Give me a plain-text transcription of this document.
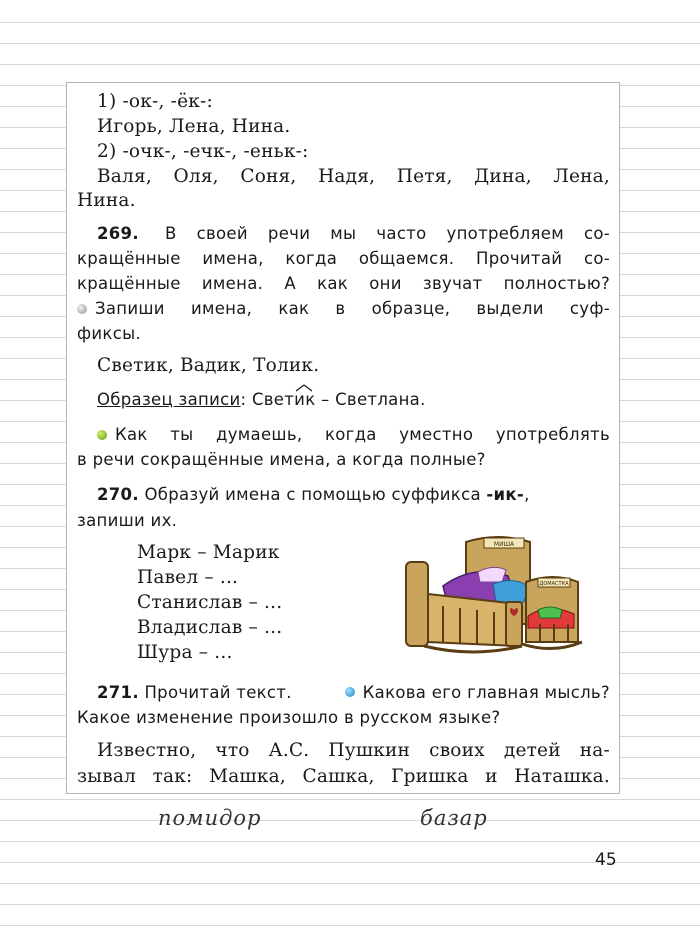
1) -ок-, -ёк-:
Игорь, Лена, Нина.
2) -очк-, -ечк-, -еньк-:
Валя, Оля, Соня, Надя, Петя, Дина, Лена,
Нина.
269. В своей речи мы часто употребляем со-
кращённые имена, когда общаемся. Прочитай со-
кращённые имена. А как они звучат полностью?
Запиши имена, как в образце, выдели суф-
фиксы.
Светик, Вадик, Толик.
Образец записи: Свет
ик – Светлана.
Как ты думаешь, когда уместно употреблять
в речи сокращённые имена, а когда полные?
270. Образуй имена с помощью суффикса -ик-,
запиши их.
Марк – Марик
Павел – ...
Станислав – ...
Владислав – ...
Шура – ...
МИША
ДОМАСТКА
271. Прочитай текст.	Какова его главная мысль?
Какое изменение произошло в русском языке?
Известно, что А.С. Пушкин своих детей на-
зывал так: Машка, Сашка, Гришка и Наташка.
помидор	базар
45
